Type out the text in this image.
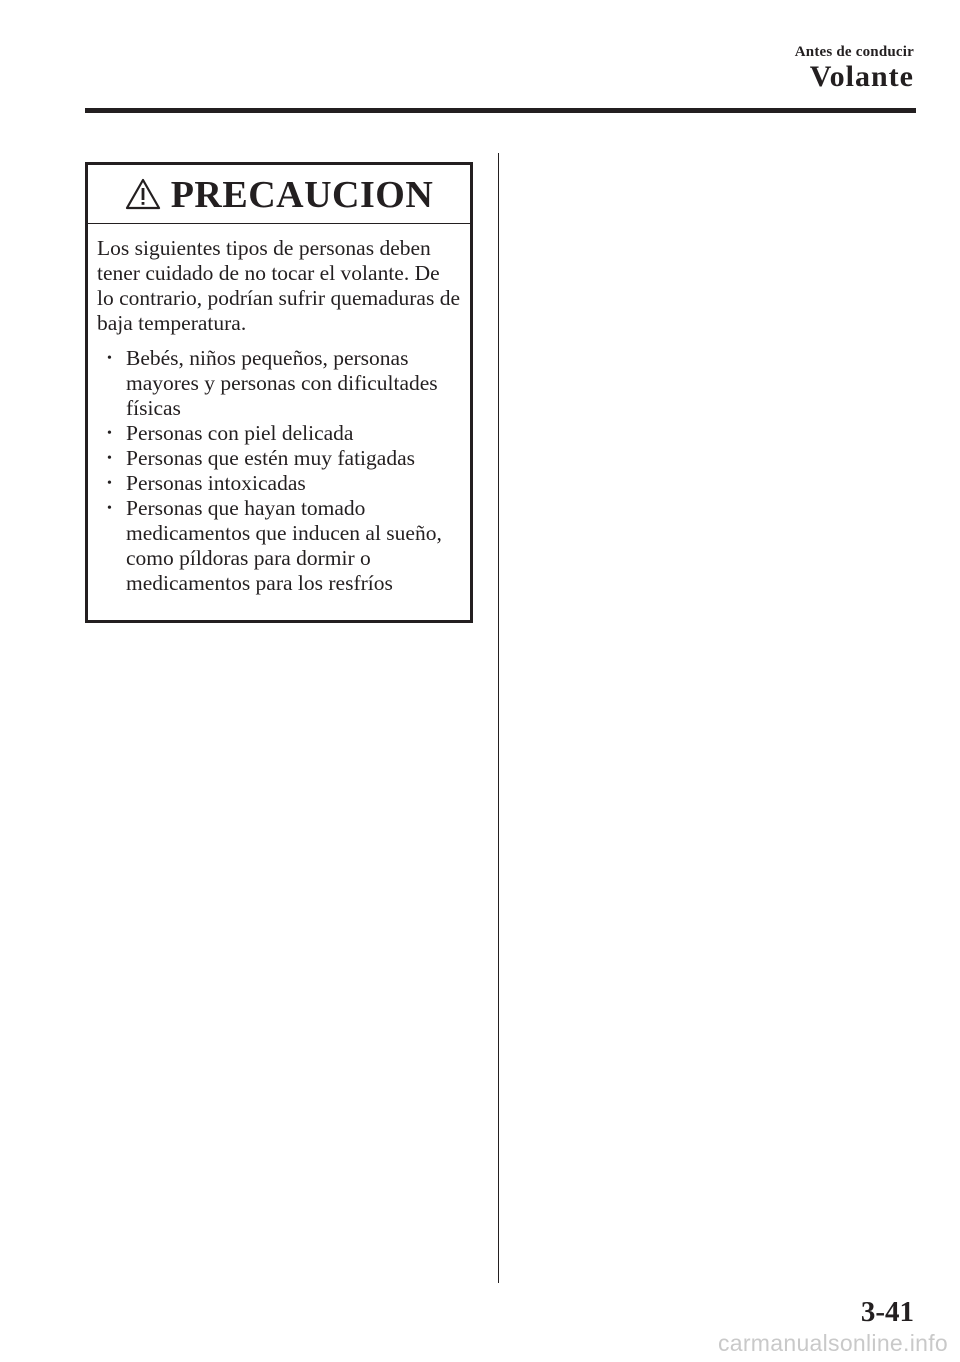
Antes de conducir
Volante
PRECAUCION

Los siguientes tipos de personas deben tener cuidado de no tocar el volante. De lo contrario, podrían sufrir quemaduras de baja temperatura.

• Bebés, niños pequeños, personas mayores y personas con dificultades físicas
• Personas con piel delicada
• Personas que estén muy fatigadas
• Personas intoxicadas
• Personas que hayan tomado medicamentos que inducen al sueño, como píldoras para dormir o medicamentos para los resfríos
3-41
carmanualsonline.info
